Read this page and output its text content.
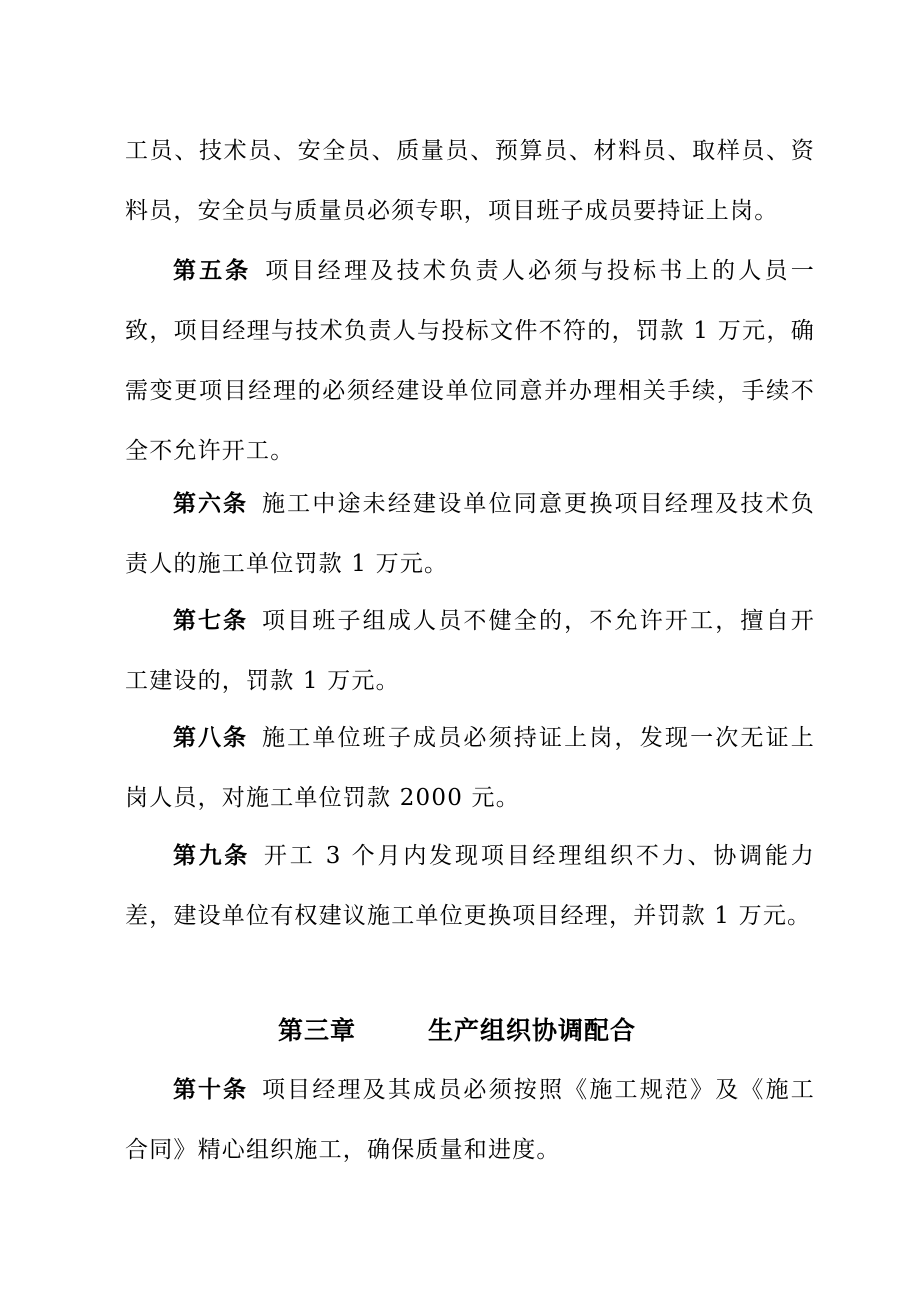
工员、技术员、安全员、质量员、预算员、材料员、取样员、资料员，安全员与质量员必须专职，项目班子成员要持证上岗。

第五条 项目经理及技术负责人必须与投标书上的人员一致，项目经理与技术负责人与投标文件不符的，罚款 1 万元，确需变更项目经理的必须经建设单位同意并办理相关手续，手续不全不允许开工。

第六条 施工中途未经建设单位同意更换项目经理及技术负责人的施工单位罚款 1 万元。

第七条 项目班子组成人员不健全的，不允许开工，擅自开工建设的，罚款 1 万元。

第八条 施工单位班子成员必须持证上岗，发现一次无证上岗人员，对施工单位罚款 2000 元。

第九条 开工 3 个月内发现项目经理组织不力、协调能力差，建设单位有权建议施工单位更换项目经理，并罚款 1 万元。

第三章	生产组织协调配合

第十条 项目经理及其成员必须按照《施工规范》及《施工合同》精心组织施工，确保质量和进度。
